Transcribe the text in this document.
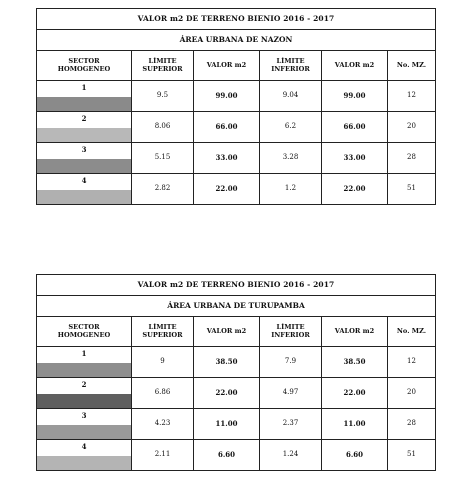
VALOR m2 DE TERRENO BIENIO 2016 - 2017					
ÁREA URBANA DE NAZON					

SECTOR
HOMOGENEO	LÍMITE
SUPERIOR	VALOR m2	LÍMITE
INFERIOR	VALOR m2	No. MZ.

1	9.5	99.00	9.04	99.00	12

2	8.06	66.00	6.2	66.00	20

3	5.15	33.00	3.28	33.00	28

4	2.82	22.00	1.2	22.00	51
VALOR m2 DE TERRENO BIENIO 2016 - 2017					
ÁREA URBANA DE TURUPAMBA					

SECTOR
HOMOGENEO	LÍMITE
SUPERIOR	VALOR m2	LÍMITE
INFERIOR	VALOR m2	No. MZ.

1	9	38.50	7.9	38.50	12

2	6.86	22.00	4.97	22.00	20

3	4.23	11.00	2.37	11.00	28

4	2.11	6.60	1.24	6.60	51
